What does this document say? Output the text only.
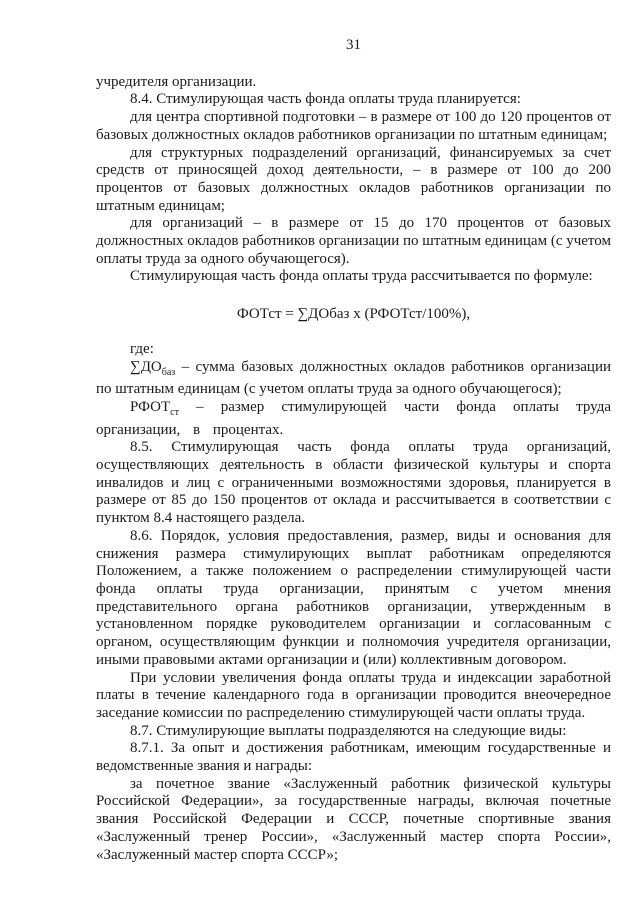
31

учредителя организации.

8.4. Стимулирующая часть фонда оплаты труда планируется:

для центра спортивной подготовки – в размере от 100 до 120 процентов от базовых должностных окладов работников организации по штатным единицам;

для структурных подразделений организаций, финансируемых за счет средств от приносящей доход деятельности, – в размере от 100 до 200 процентов от базовых должностных окладов работников организации по штатным единицам;

для организаций – в размере от 15 до 170 процентов от базовых должностных окладов работников организации по штатным единицам (с учетом оплаты труда за одного обучающегося).

Стимулирующая часть фонда оплаты труда рассчитывается по формуле:

ФОТст = ∑ДОбаз х (РФОТст/100%),

где:

$\sum ДО_{баз}$ – сумма базовых должностных окладов работников организации по штатным единицам (с учетом оплаты труда за одного обучающегося);

$РФОТ_{ст}$ – размер стимулирующей части фонда оплаты труда организации, в процентах.

8.5. Стимулирующая часть фонда оплаты труда организаций, осуществляющих деятельность в области физической культуры и спорта инвалидов и лиц с ограниченными возможностями здоровья, планируется в размере от 85 до 150 процентов от оклада и рассчитывается в соответствии с пунктом 8.4 настоящего раздела.

8.6. Порядок, условия предоставления, размер, виды и основания для снижения размера стимулирующих выплат работникам определяются Положением, а также положением о распределении стимулирующей части фонда оплаты труда организации, принятым с учетом мнения представительного органа работников организации, утвержденным в установленном порядке руководителем организации и согласованным с органом, осуществляющим функции и полномочия учредителя организации, иными правовыми актами организации и (или) коллективным договором.

При условии увеличения фонда оплаты труда и индексации заработной платы в течение календарного года в организации проводится внеочередное заседание комиссии по распределению стимулирующей части оплаты труда.

8.7. Стимулирующие выплаты подразделяются на следующие виды:

8.7.1. За опыт и достижения работникам, имеющим государственные и ведомственные звания и награды:

за почетное звание «Заслуженный работник физической культуры Российской Федерации», за государственные награды, включая почетные звания Российской Федерации и СССР, почетные спортивные звания «Заслуженный тренер России», «Заслуженный мастер спорта России», «Заслуженный мастер спорта СССР»;
